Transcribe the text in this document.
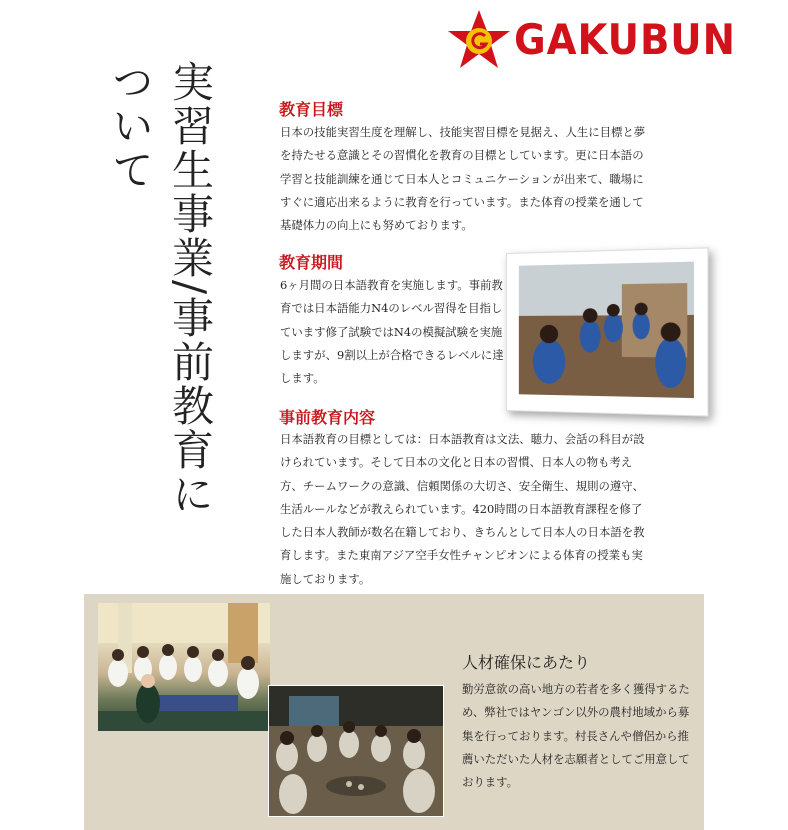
GAKUBUN
実習生事業/事前教育について	教育目標

日本の技能実習生度を理解し、技能実習目標を見据え、人生に目標と夢を持たせる意識とその習慣化を教育の目標としています。更に日本語の学習と技能訓練を通じて日本人とコミュニケーションが出来て、職場にすぐに適応出来るように教育を行っています。また体育の授業を通して基礎体力の向上にも努めております。

教育期間

6ヶ月間の日本語教育を実施します。事前教育では日本語能力N4のレベル習得を目指しています修了試験ではN4の模擬試験を実施しますが、9割以上が合格できるレベルに達します。

事前教育内容

日本語教育の目標としては：日本語教育は文法、聴力、会話の科目が設けられています。そして日本の文化と日本の習慣、日本人の物も考え方、チームワークの意識、信頼関係の大切さ、安全衛生、規則の遵守、生活ルールなどが教えられています。420時間の日本語教育課程を修了した日本人教師が数名在籍しており、きちんとして日本人の日本語を教育します。また東南アジア空手女性チャンピオンによる体育の授業も実施しております。

人材確保にあたり

勤労意欲の高い地方の若者を多く獲得するため、弊社ではヤンゴン以外の農村地域から募集を行っております。村長さんや僧侶から推薦いただいた人材を志願者としてご用意しております。
